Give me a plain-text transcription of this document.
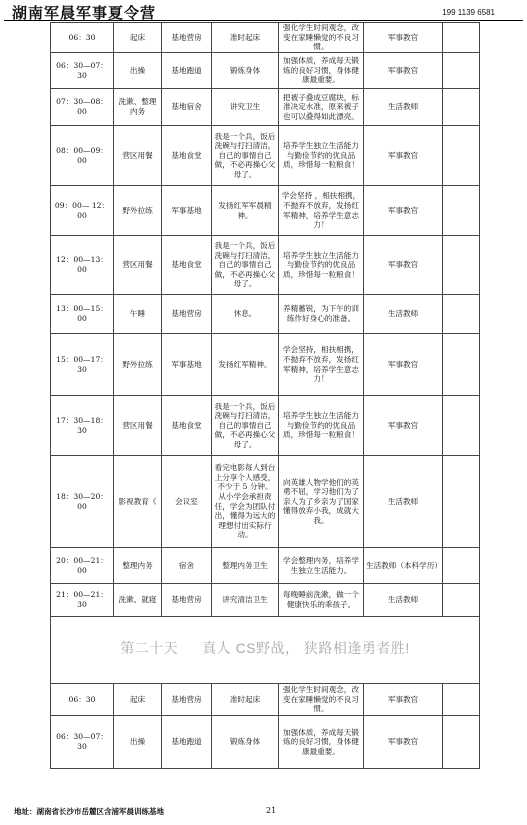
湖南军晨军事夏令营	199 1139 6581
06：30	起床	基地营房	准时起床	强化学生时间观念，改变在家睡懒觉的不良习惯。	军事教官	
06：30—07：30	出操	基地跑道	锻炼身体	加强体质，养成每天锻炼的良好习惯，身体健康最重要。	军事教官	
07：30—08：00	洗漱、整理内务	基地宿舍	讲究卫生	把被子叠成豆腐块，标准决定水准，原来被子也可以叠得如此漂亮。	生活教师	
08：00—09：00	营区用餐	基地食堂	我是一个兵，饭后洗碗与打扫清洁， 自己的事情自己做，不必再操心父母了。	培养学生独立生活能力与勤俭节约的优良品质，珍惜每一粒粮食！	军事教官	
09：00— 12：00	野外拉练	军事基地	发扬红军军晨精神。	学会坚持 ，相扶相携，不抛弃不放弃，发扬红军精神，培养学生意志力！	军事教官	
12：00—13：00	营区用餐	基地食堂	我是一个兵，饭后洗碗与打扫清洁， 自己的事情自己做，不必再操心父母了。	培养学生独立生活能力与勤俭节约的优良品质，珍惜每一粒粮食！	军事教官	
13：00—15：00	午睡	基地营房	休息。	养精蓄锐，为下午的训练作好身心的准备。	生活教师	
15：00—17：30	野外拉练	军事基地	发扬红军精神。	学会坚持，相扶相携，不抛弃不放弃，发扬红军精神，培养学生意志力！	军事教官	
17：30—18：30	营区用餐	基地食堂	我是一个兵，饭后洗碗与打扫清洁， 自己的事情自己做，不必再操心父母了。	培养学生独立生活能力与勤俭节约的优良品质，珍惜每一粒粮食！	军事教官	
18：30—20：00	影视教育《	会议室	看完电影每人到台上分享个人感受，不少于 5 分钟。从小学会承担责任，学会为团队付出，懂得为远大的理想付出实际行动。	向英雄人物学他们的英勇不屈，学习他们为了亲人为了乡亲为了国家懂得放弃小我，成就大我。	生活教师	
20：00—21：00	整理内务	宿舍	整理内务卫生	学会整理内务，培养学生独立生活能力。	生活教师（本科学历）	
21：00—21：30	洗漱、就寝	基地营房	讲究清洁卫生	每晚睡前洗漱，做一个健康快乐的乖孩子。	生活教师	
第二十天 真人 CS野战， 狭路相逢勇者胜!						
06：30	起床	基地营房	准时起床	强化学生时间观念，改变在家睡懒觉的不良习惯。	军事教官	
06：30—07：30	出操	基地跑道	锻炼身体	加强体质，养成每天锻炼的良好习惯，身体健康最重要。	军事教官	
地址：湖南省长沙市岳麓区含浦军晨训练基地	21
